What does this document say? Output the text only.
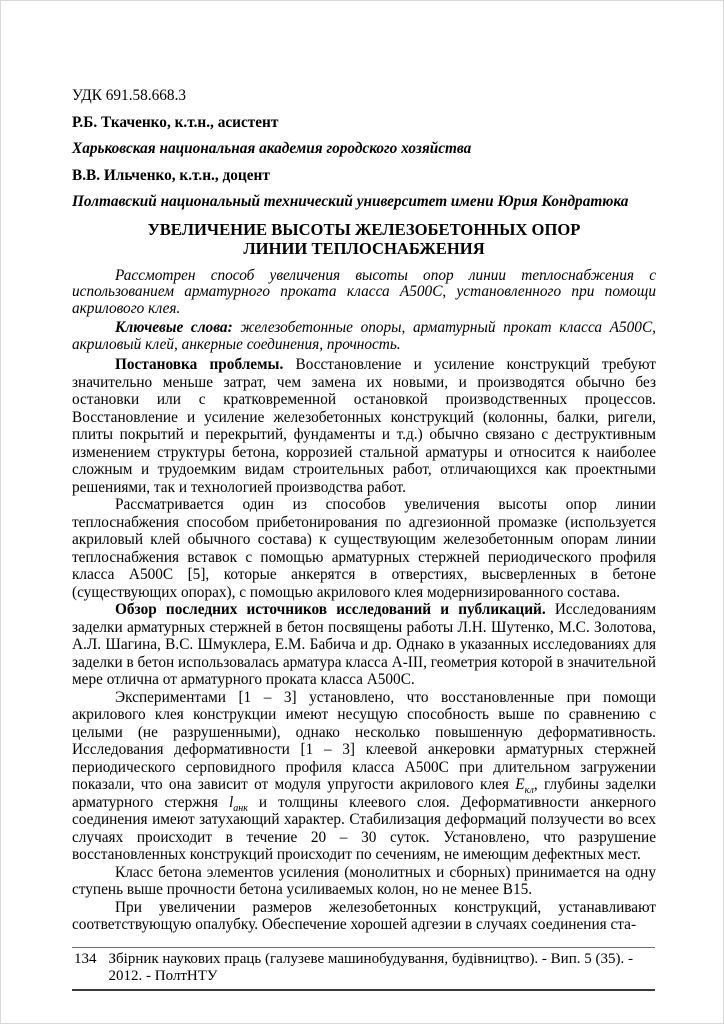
УДК 691.58.668.3

Р.Б. Ткаченко, к.т.н., асистент

Харьковская национальная академия городского хозяйства

В.В. Ильченко, к.т.н., доцент

Полтавский национальный технический университет имени Юрия Кондратюка

УВЕЛИЧЕНИЕ ВЫСОТЫ ЖЕЛЕЗОБЕТОННЫХ ОПОР
ЛИНИИ ТЕПЛОСНАБЖЕНИЯ

Рассмотрен способ увеличения высоты опор линии теплоснабжения с использованием арматурного проката класса А500С, установленного при помощи акрилового клея.

Ключевые слова: железобетонные опоры, арматурный прокат класса А500С, акриловый клей, анкерные соединения, прочность.

Постановка проблемы. Восстановление и усиление конструкций требуют значительно меньше затрат, чем замена их новыми, и производятся обычно без остановки или с кратковременной остановкой производственных процессов. Восстановление и усиление железобетонных конструкций (колонны, балки, ригели, плиты покрытий и перекрытий, фундаменты и т.д.) обычно связано с деструктивным изменением структуры бетона, коррозией стальной арматуры и относится к наиболее сложным и трудоемким видам строительных работ, отличающихся как проектными решениями, так и технологией производства работ.

Рассматривается один из способов увеличения высоты опор линии теплоснабжения способом прибетонирования по адгезионной промазке (используется акриловый клей обычного состава) к существующим железобетонным опорам линии теплоснабжения вставок с помощью арматурных стержней периодического профиля класса А500С [5], которые анкерятся в отверстиях, высверленных в бетоне (существующих опорах), с помощью акрилового клея модернизированного состава.

Обзор последних источников исследований и публикаций. Исследованиям заделки арматурных стержней в бетон посвящены работы Л.Н. Шутенко, М.С. Золотова, А.Л. Шагина, В.С. Шмуклера, Е.М. Бабича и др. Однако в указанных исследованиях для заделки в бетон использовалась арматура класса А-III, геометрия которой в значительной мере отлична от арматурного проката класса А500С.

Экспериментами [1 – 3] установлено, что восстановленные при помощи акрилового клея конструкции имеют несущую способность выше по сравнению с целыми (не разрушенными), однако несколько повышенную деформативность. Исследования деформативности [1 – 3] клеевой анкеровки арматурных стержней периодического серповидного профиля класса А500С при длительном загружении показали, что она зависит от модуля упругости акрилового клея $Е_{кл}$, глубины заделки арматурного стержня $l_{анк}$ и толщины клеевого слоя. Деформативности анкерного соединения имеют затухающий характер. Стабилизация деформаций ползучести во всех случаях происходит в течение 20 – 30 суток. Установлено, что разрушение восстановленных конструкций происходит по сечениям, не имеющим дефектных мест.

Класс бетона элементов усиления (монолитных и сборных) принимается на одну ступень выше прочности бетона усиливаемых колон, но не менее В15.

При увеличении размеров железобетонных конструкций, устанавливают соответствующую опалубку. Обеспечение хорошей адгезии в случаях соединения ста-

134 Збірник наукових праць (галузеве машинобудування, будівництво). - Вип. 5 (35). - 2012. - ПолтНТУ
